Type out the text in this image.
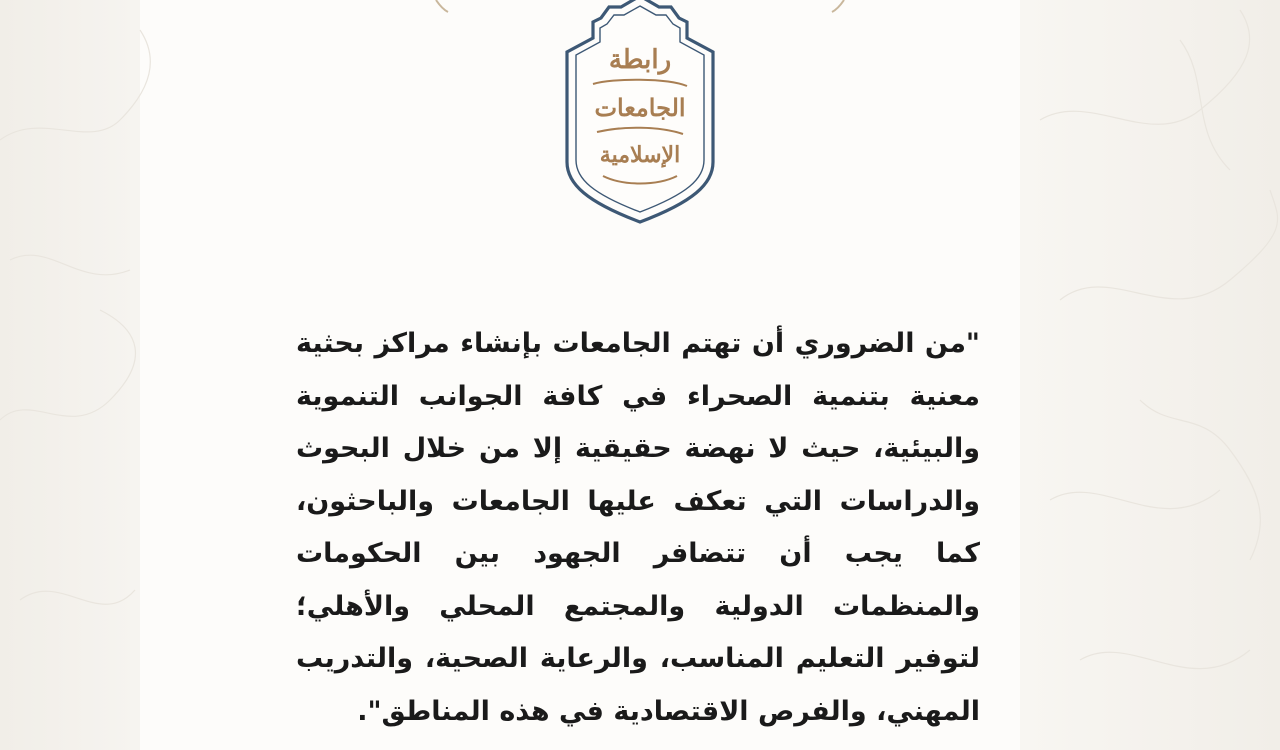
رابطة
الجامعات
الإسلامية

"من الضروري أن تهتم الجامعات بإنشاء مراكز بحثية معنية بتنمية الصحراء في كافة الجوانب التنموية والبيئية، حيث لا نهضة حقيقية إلا من خلال البحوث والدراسات التي تعكف عليها الجامعات والباحثون، كما يجب أن تتضافر الجهود بين الحكومات والمنظمات الدولية والمجتمع المحلي والأهلي؛ لتوفير التعليم المناسب، والرعاية الصحية، والتدريب المهني، والفرص الاقتصادية في هذه المناطق".
